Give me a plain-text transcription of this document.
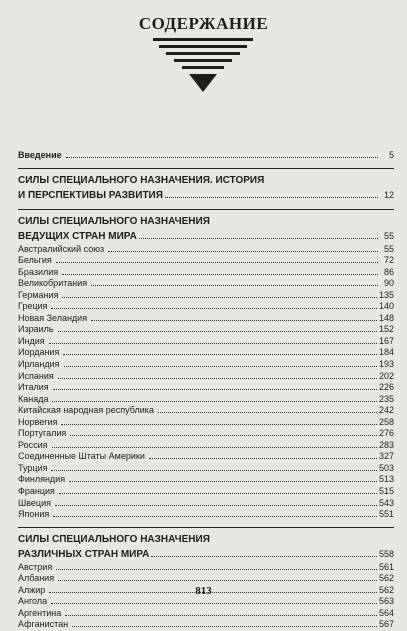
СОДЕРЖАНИЕ
Введение	5
СИЛЫ СПЕЦИАЛЬНОГО НАЗНАЧЕНИЯ. ИСТОРИЯ
И ПЕРСПЕКТИВЫ РАЗВИТИЯ	12
СИЛЫ СПЕЦИАЛЬНОГО НАЗНАЧЕНИЯ
ВЕДУЩИХ СТРАН МИРА	55
Австралийский союз	55
Бельгия	72
Бразилия	86
Великобритания	90
Германия	135
Греция	140
Новая Зеландия	148
Израиль	152
Индия	167
Иордания	184
Ирландия	193
Испания	202
Италия	226
Канада	235
Китайская народная республика	242
Норвегия	258
Португалия	276
Россия	283
Соединенные Штаты Америки	327
Турция	503
Финляндия	513
Франция	515
Швеция	543
Япония	551
СИЛЫ СПЕЦИАЛЬНОГО НАЗНАЧЕНИЯ
РАЗЛИЧНЫХ СТРАН МИРА	558
Австрия	561
Албания	562
Алжир	562
Ангола	563
Аргентина	564
Афганистан	567
813
